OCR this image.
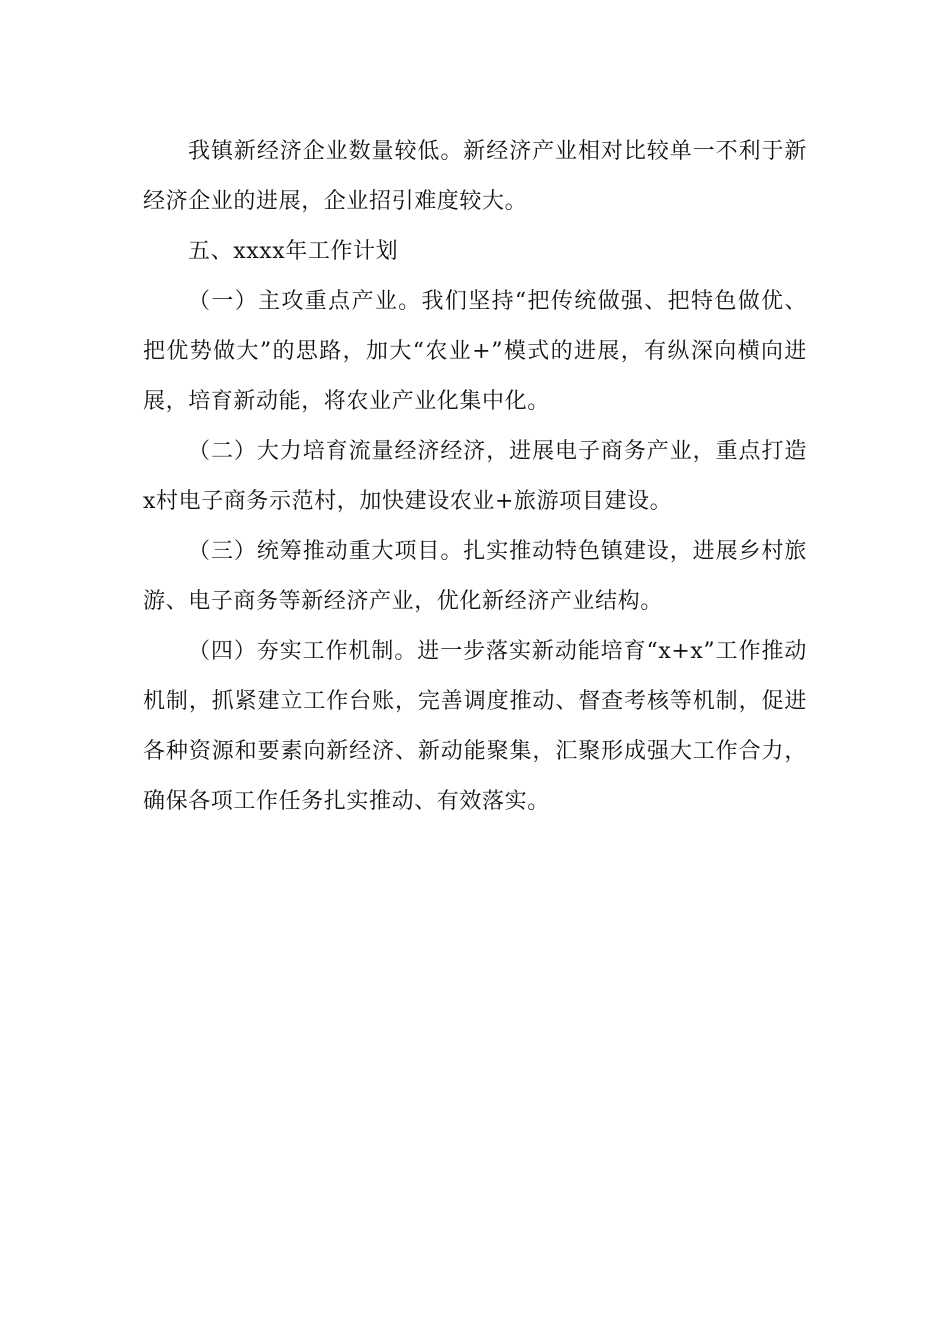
我镇新经济企业数量较低。新经济产业相对比较单一不利于新经济企业的进展，企业招引难度较大。

五、xxxx年工作计划

（一）主攻重点产业。我们坚持“把传统做强、把特色做优、把优势做大”的思路，加大“农业+”模式的进展，有纵深向横向进展，培育新动能，将农业产业化集中化。

（二）大力培育流量经济经济，进展电子商务产业，重点打造x村电子商务示范村，加快建设农业+旅游项目建设。

（三）统筹推动重大项目。扎实推动特色镇建设，进展乡村旅游、电子商务等新经济产业，优化新经济产业结构。

（四）夯实工作机制。进一步落实新动能培育“x+x”工作推动机制，抓紧建立工作台账，完善调度推动、督查考核等机制，促进各种资源和要素向新经济、新动能聚集，汇聚形成强大工作合力，确保各项工作任务扎实推动、有效落实。
